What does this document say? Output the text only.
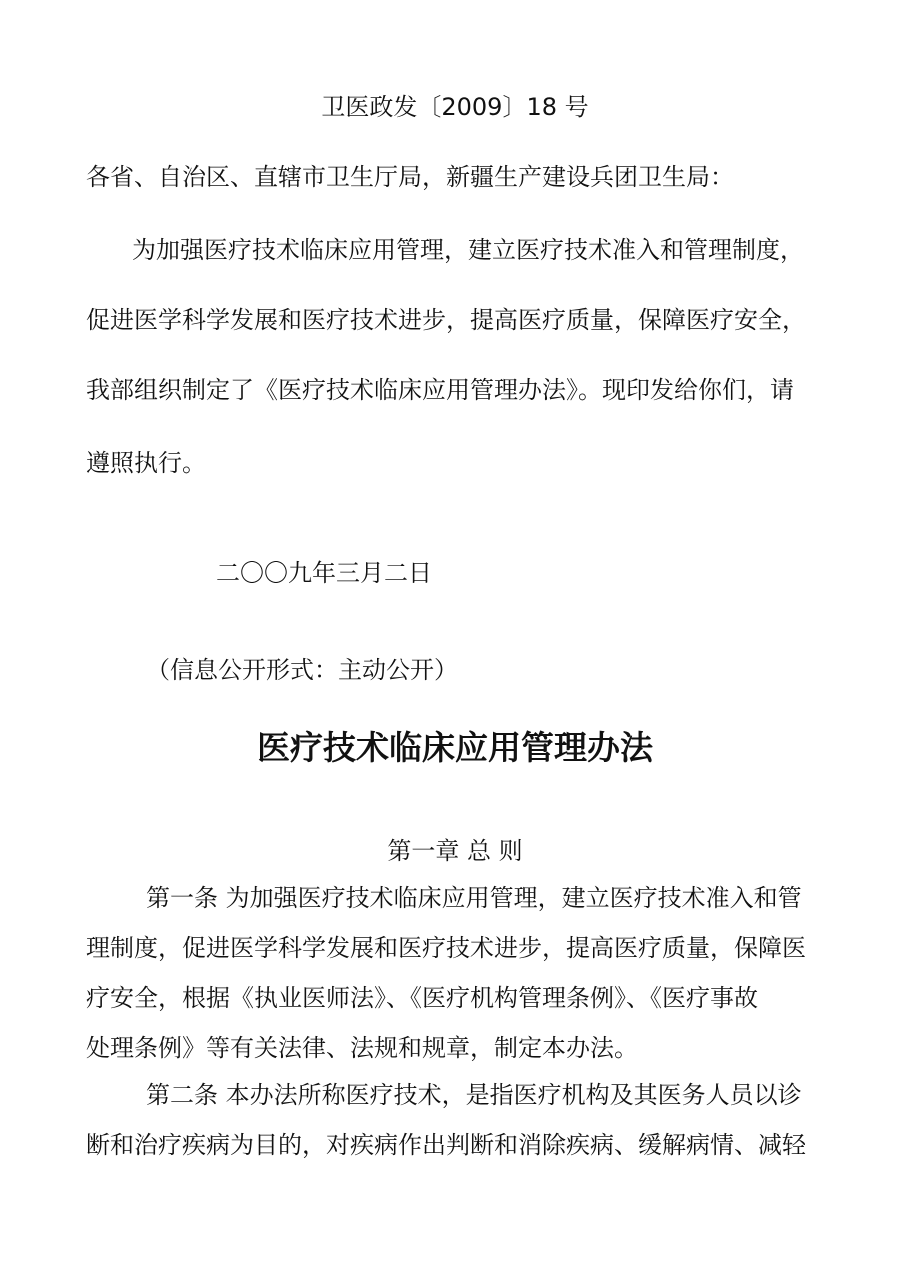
卫医政发〔2009〕18 号
各省、自治区、直辖市卫生厅局，新疆生产建设兵团卫生局：
为加强医疗技术临床应用管理，建立医疗技术准入和管理制度，
促进医学科学发展和医疗技术进步，提高医疗质量，保障医疗安全，
我部组织制定了《医疗技术临床应用管理办法》。现印发给你们，请
遵照执行。
二〇〇九年三月二日
（信息公开形式：主动公开）
医疗技术临床应用管理办法
第一章 总 则
第一条 为加强医疗技术临床应用管理，建立医疗技术准入和管
理制度，促进医学科学发展和医疗技术进步，提高医疗质量，保障医
疗安全，根据《执业医师法》、《医疗机构管理条例》、《医疗事故
处理条例》等有关法律、法规和规章，制定本办法。
第二条 本办法所称医疗技术，是指医疗机构及其医务人员以诊
断和治疗疾病为目的，对疾病作出判断和消除疾病、缓解病情、减轻
